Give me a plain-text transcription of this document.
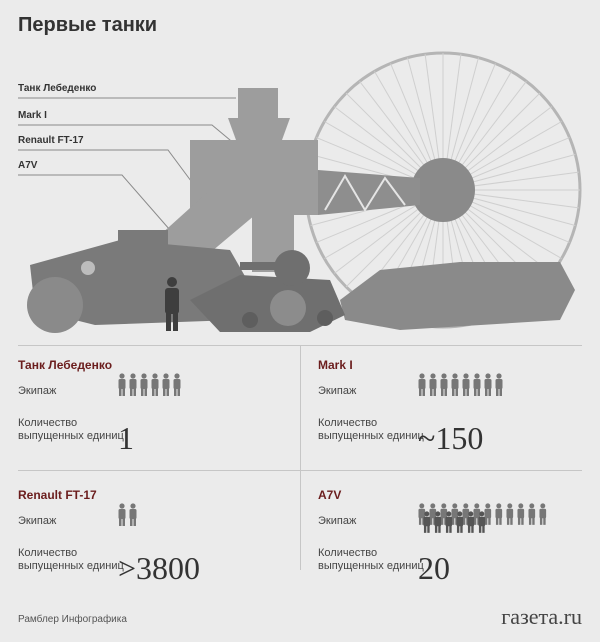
Первые танки
Танк Лебеденко
Mark I
Renault FT-17
A7V
Танк Лебеденко
Экипаж
Количество выпущенных единиц
1
Mark I
Экипаж
Количество выпущенных единиц
~150
Renault FT-17
Экипаж
Количество выпущенных единиц
>3800
A7V
Экипаж
Количество выпущенных единиц
20
Рамблер Инфографика	газета.ru
